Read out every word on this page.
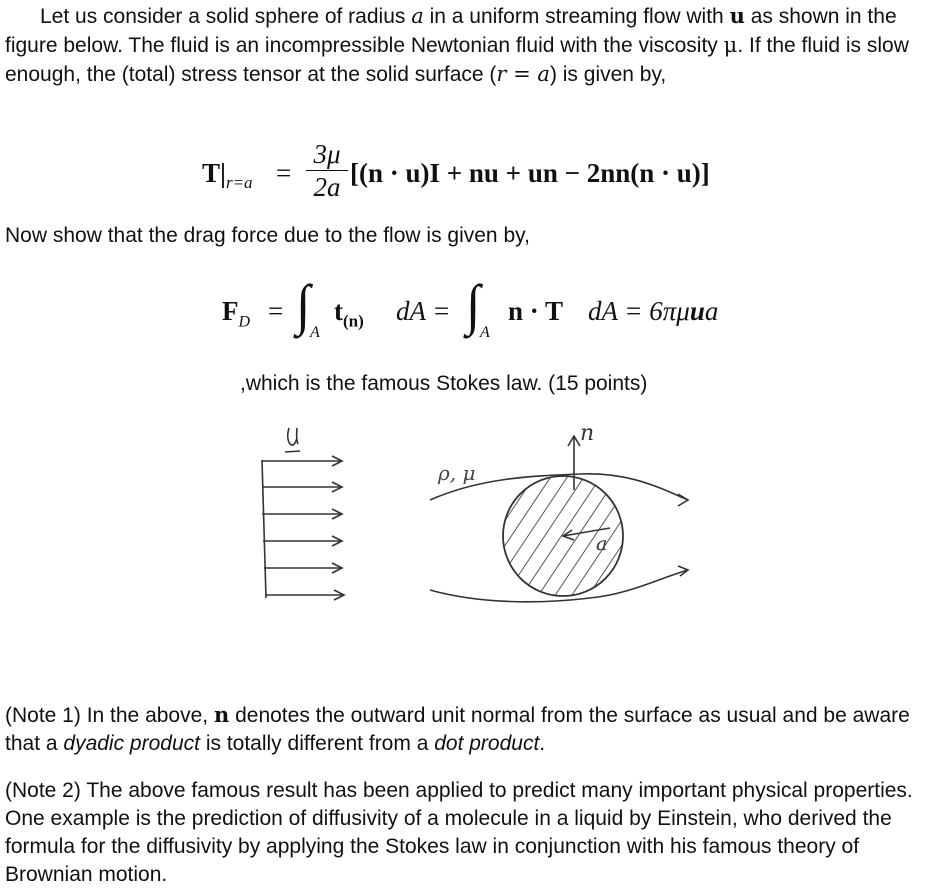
Let us consider a solid sphere of radius a in a uniform streaming flow with u as shown in the figure below. The fluid is an incompressible Newtonian fluid with the viscosity μ. If the fluid is slow enough, the (total) stress tensor at the solid surface (r = a) is given by,

$T|_{r=a}$ =
3μ
2a [(n · u)I + nu + un − 2nn(n · u)]

Now show that the drag force due to the flow is given by,

$F_D$ = ∫ A
$t_{(n)}$ dA = ∫ A
n · T dA = 6πμua

,which is the famous Stokes law. (15 points)

n
ρ, μ
a
U

(Note 1) In the above, n denotes the outward unit normal from the surface as usual and be aware that a dyadic product is totally different from a dot product.

(Note 2) The above famous result has been applied to predict many important physical properties. One example is the prediction of diffusivity of a molecule in a liquid by Einstein, who derived the formula for the diffusivity by applying the Stokes law in conjunction with his famous theory of Brownian motion.
